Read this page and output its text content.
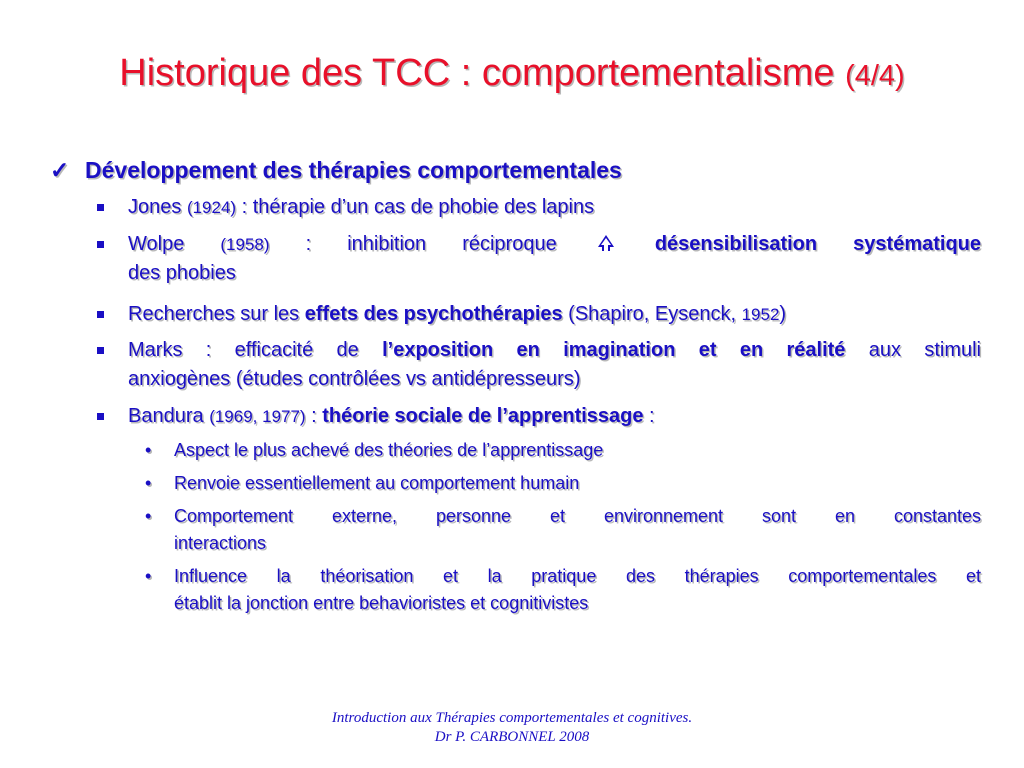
Historique des TCC : comportementalisme (4/4)
✓ Développement des thérapies comportementales
Jones (1924) : thérapie d’un cas de phobie des lapins
Wolpe (1958) : inhibition réciproque	désensibilisation systématique
des phobies
Recherches sur les effets des psychothérapies (Shapiro, Eysenck, 1952)
Marks : efficacité de l’exposition en imagination et en réalité aux stimuli
anxiogènes (études contrôlées vs antidépresseurs)
Bandura (1969, 1977) : théorie sociale de l’apprentissage :
• Aspect le plus achevé des théories de l’apprentissage
• Renvoie essentiellement au comportement humain
• Comportement externe, personne et environnement sont en constantes
interactions
• Influence la théorisation et la pratique des thérapies comportementales et
établit la jonction entre behavioristes et cognitivistes
Introduction aux Thérapies comportementales et cognitives.
Dr P. CARBONNEL 2008
